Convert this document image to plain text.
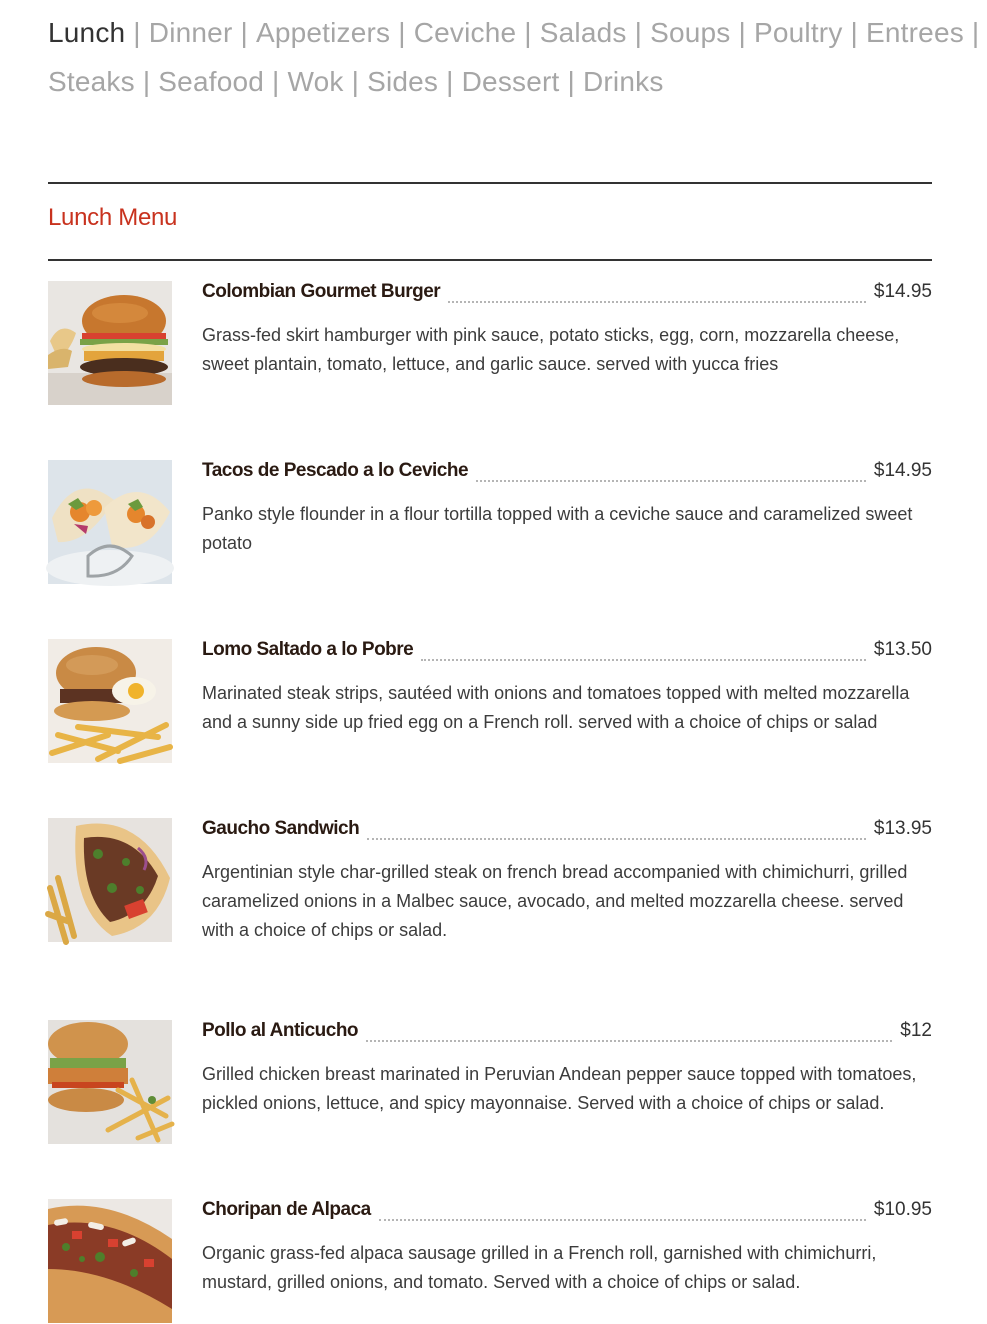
Lunch | Dinner | Appetizers | Ceviche | Salads | Soups | Poultry | Entrees |
Steaks | Seafood | Wok | Sides | Dessert | Drinks
Lunch Menu
Colombian Gourmet Burger	$14.95
Grass-fed skirt hamburger with pink sauce, potato sticks, egg, corn, mozzarella cheese, sweet plantain, tomato, lettuce, and garlic sauce. served with yucca fries
Tacos de Pescado a lo Ceviche	$14.95
Panko style flounder in a flour tortilla topped with a ceviche sauce and caramelized sweet potato
Lomo Saltado a lo Pobre	$13.50
Marinated steak strips, sautéed with onions and tomatoes topped with melted mozzarella and a sunny side up fried egg on a French roll. served with a choice of chips or salad
Gaucho Sandwich	$13.95
Argentinian style char-grilled steak on french bread accompanied with chimichurri, grilled caramelized onions in a Malbec sauce, avocado, and melted mozzarella cheese. served with a choice of chips or salad.
Pollo al Anticucho	$12
Grilled chicken breast marinated in Peruvian Andean pepper sauce topped with tomatoes, pickled onions, lettuce, and spicy mayonnaise. Served with a choice of chips or salad.
Choripan de Alpaca	$10.95
Organic grass-fed alpaca sausage grilled in a French roll, garnished with chimichurri, mustard, grilled onions, and tomato. Served with a choice of chips or salad.
